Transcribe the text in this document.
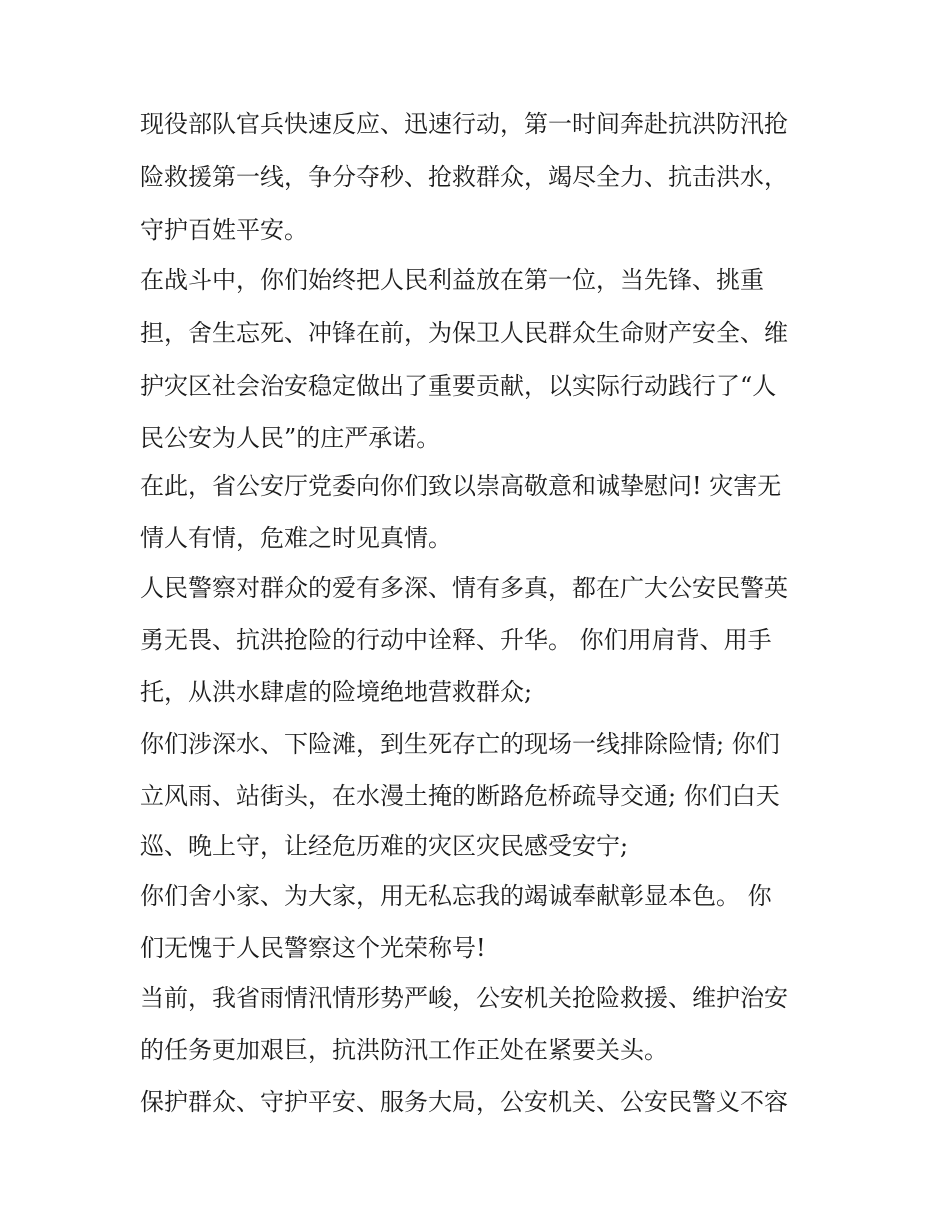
现役部队官兵快速反应、迅速行动，第一时间奔赴抗洪防汛抢
险救援第一线，争分夺秒、抢救群众，竭尽全力、抗击洪水，
守护百姓平安。
在战斗中，你们始终把人民利益放在第一位，当先锋、挑重
担，舍生忘死、冲锋在前，为保卫人民群众生命财产安全、维
护灾区社会治安稳定做出了重要贡献，以实际行动践行了“人
民公安为人民”的庄严承诺。
在此，省公安厅党委向你们致以崇高敬意和诚挚慰问! 灾害无
情人有情，危难之时见真情。
人民警察对群众的爱有多深、情有多真，都在广大公安民警英
勇无畏、抗洪抢险的行动中诠释、升华。 你们用肩背、用手
托，从洪水肆虐的险境绝地营救群众;
你们涉深水、下险滩，到生死存亡的现场一线排除险情; 你们
立风雨、站街头，在水漫土掩的断路危桥疏导交通; 你们白天
巡、晚上守，让经危历难的灾区灾民感受安宁;
你们舍小家、为大家，用无私忘我的竭诚奉献彰显本色。 你
们无愧于人民警察这个光荣称号!
当前，我省雨情汛情形势严峻，公安机关抢险救援、维护治安
的任务更加艰巨，抗洪防汛工作正处在紧要关头。
保护群众、守护平安、服务大局，公安机关、公安民警义不容
